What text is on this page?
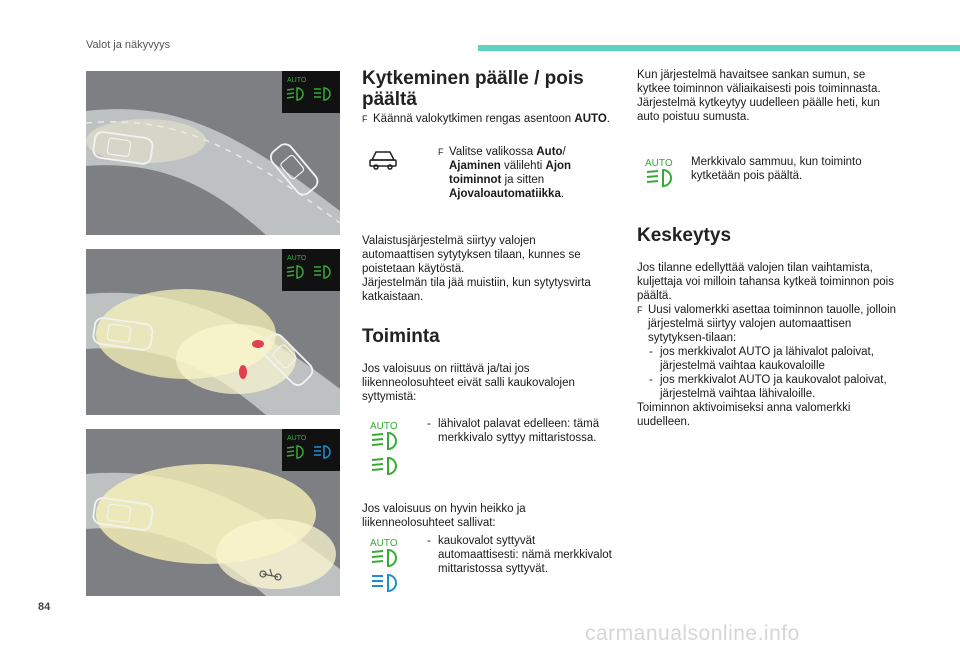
Valot ja näkyvyys
AUTO
AUTO
AUTO
Kytkeminen päälle / pois päältä
F Käännä valokytkimen rengas asentoon AUTO.
F Valitse valikossa Auto/ Ajaminen välilehti Ajon toiminnot ja sitten Ajovaloautomatiikka.

Valaistusjärjestelmä siirtyy valojen automaattisen sytytyksen tilaan, kunnes se poistetaan käytöstä.

Järjestelmän tila jää muistiin, kun sytytysvirta katkaistaan.

Toiminta
Jos valoisuus on riittävä ja/tai jos liikenneolosuhteet eivät salli kaukovalojen syttymistä:
AUTO	- lähivalot palavat edelleen: tämä merkkivalo syttyy mittaristossa.
Jos valoisuus on hyvin heikko ja liikenneolosuhteet sallivat:
AUTO	- kaukovalot syttyvät automaattisesti: nämä merkkivalot mittaristossa syttyvät.

Kun järjestelmä havaitsee sankan sumun, se kytkee toiminnon väliaikaisesti pois toiminnasta.

Järjestelmä kytkeytyy uudelleen päälle heti, kun auto poistuu sumusta.

AUTO Merkkivalo sammuu, kun toiminto kytketään pois päältä.
Keskeytys

Jos tilanne edellyttää valojen tilan vaihtamista, kuljettaja voi milloin tahansa kytkeä toiminnon pois päältä.

F Uusi valomerkki asettaa toiminnon tauolle, jolloin järjestelmä siirtyy valojen automaattisen sytytyksen-tilaan:
- jos merkkivalot AUTO ja lähivalot paloivat, järjestelmä vaihtaa kaukovaloille
- jos merkkivalot AUTO ja kaukovalot paloivat, järjestelmä vaihtaa lähivaloille.

Toiminnon aktivoimiseksi anna valomerkki uudelleen.

84
carmanualsonline.info
